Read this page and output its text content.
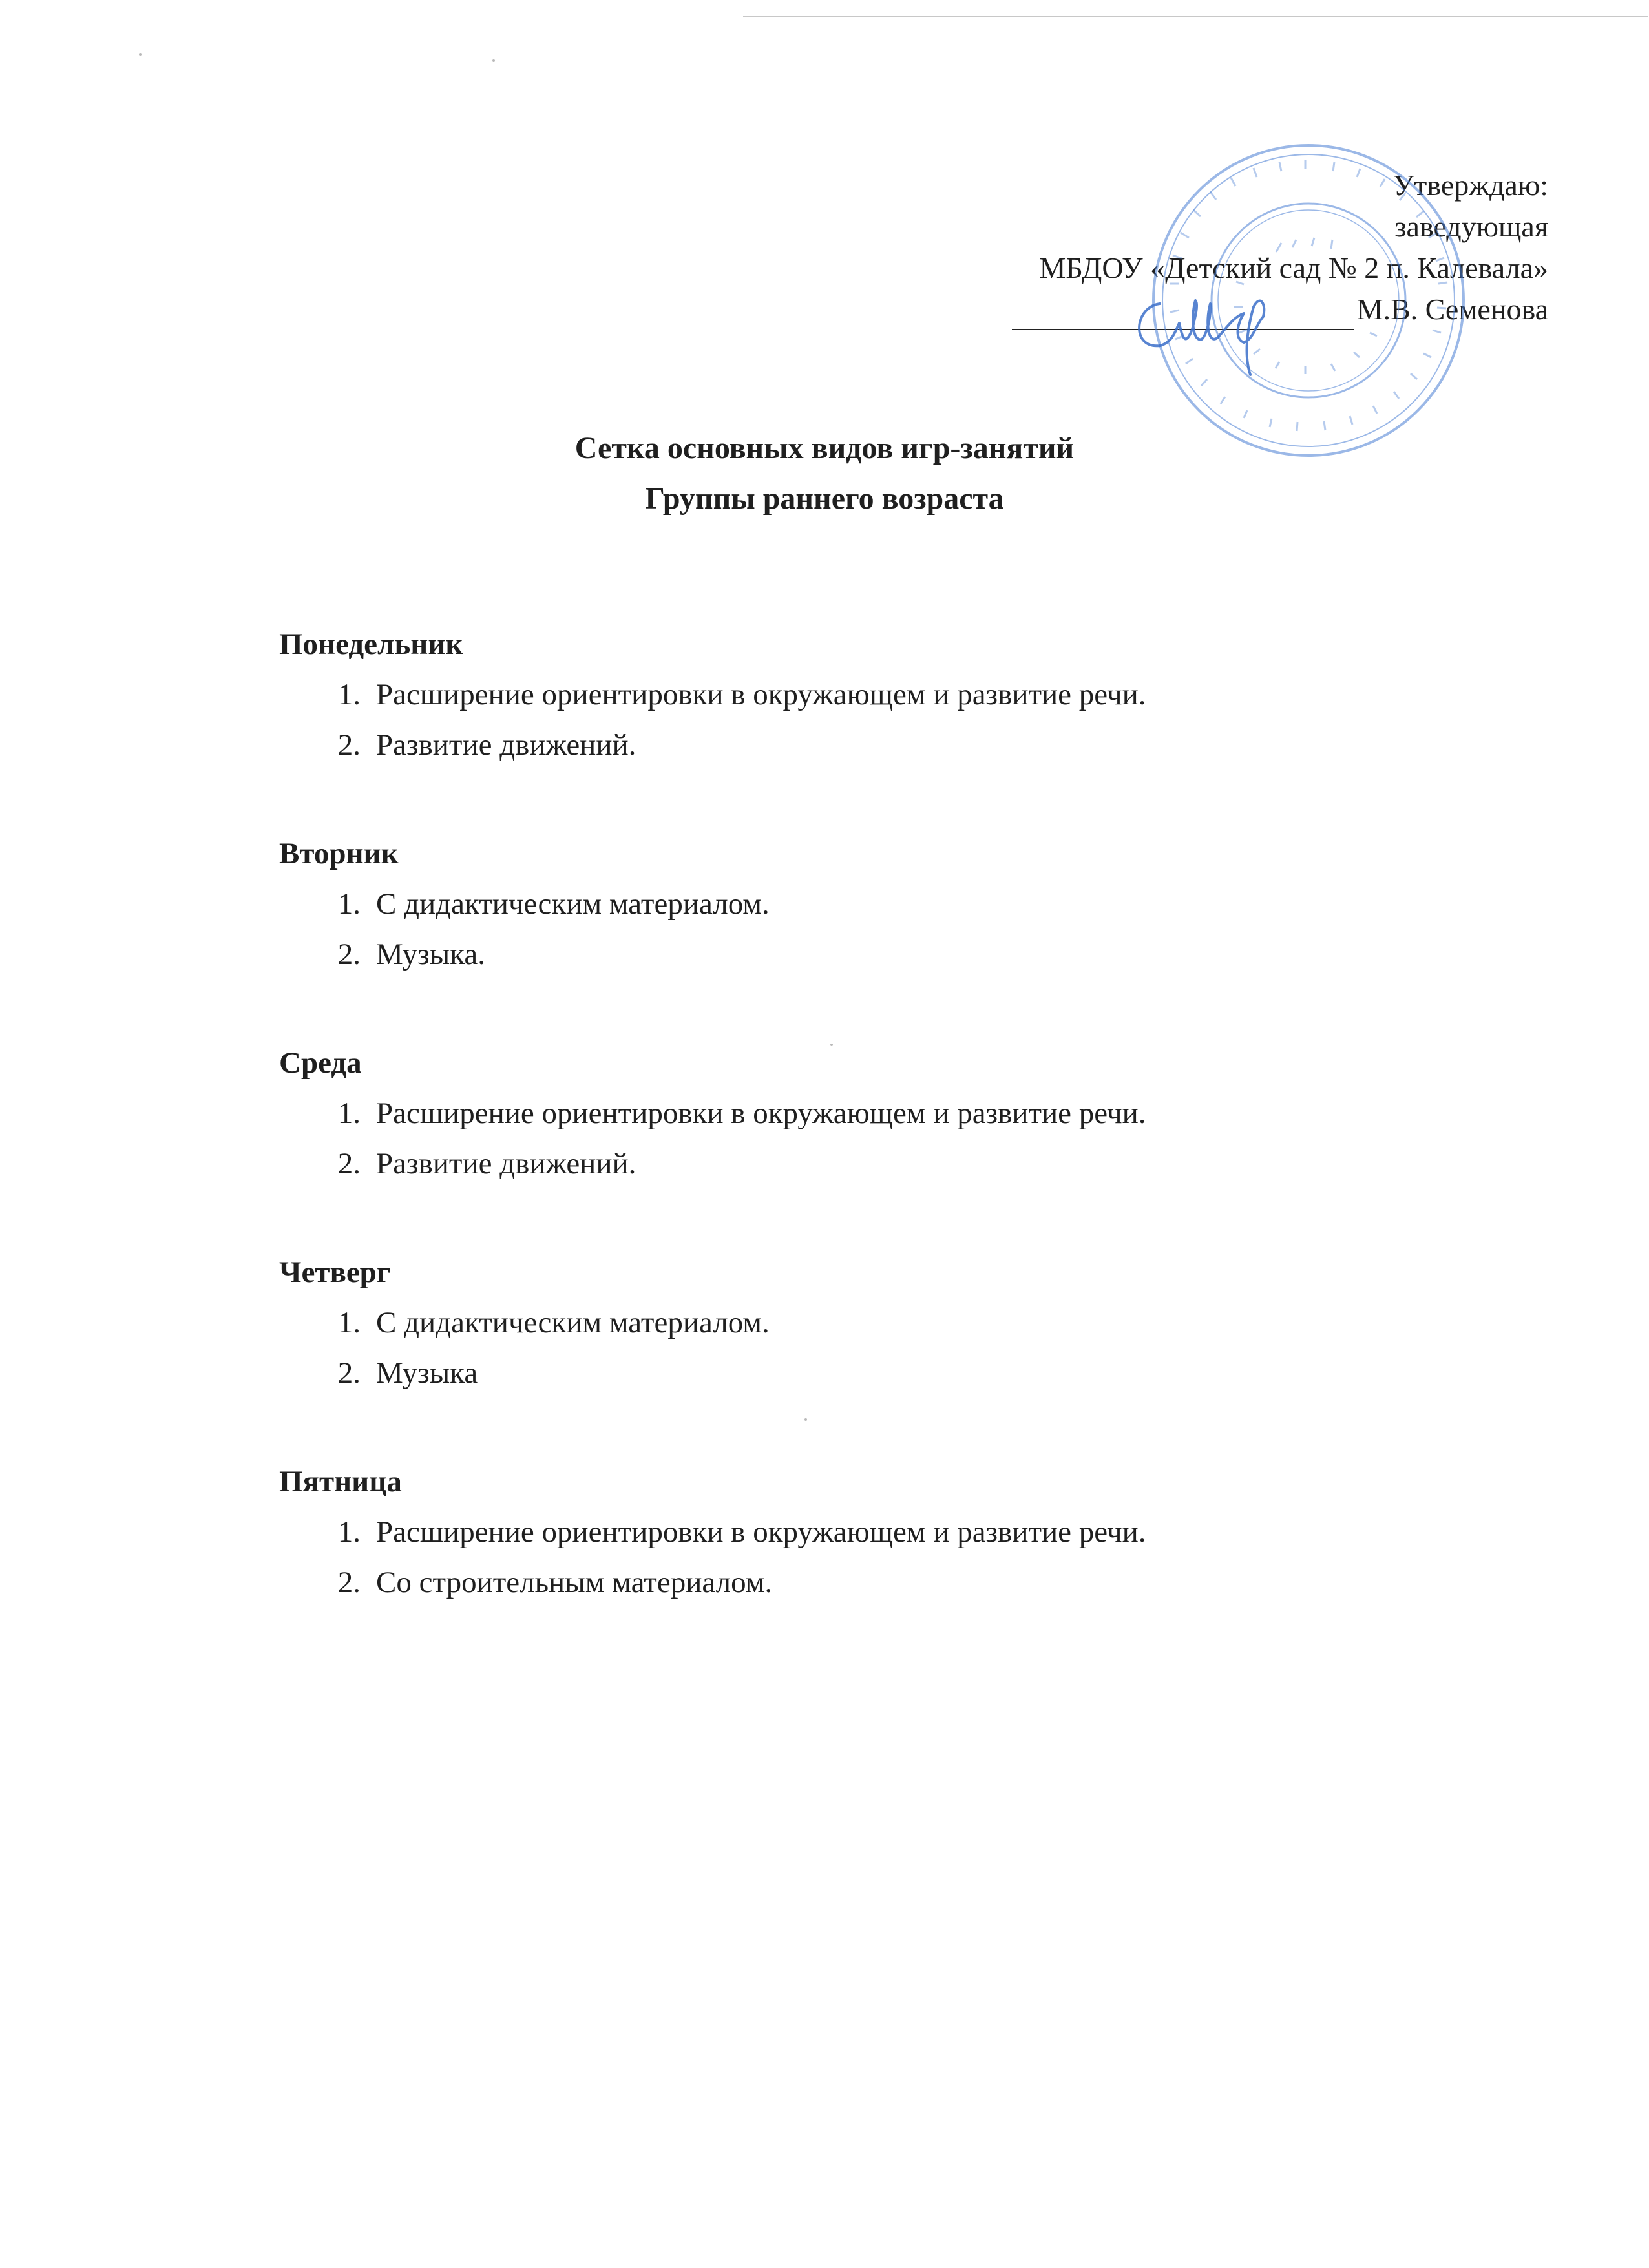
Утверждаю:
заведующая
МБДОУ «Детский сад № 2 п. Калевала»
М.В. Семенова
Сетка основных видов игр-занятий
Группы раннего возраста
Понедельник
1. Расширение ориентировки в окружающем и развитие речи.
2. Развитие движений.
Вторник
1. С дидактическим материалом.
2. Музыка.
Среда
1. Расширение ориентировки в окружающем и развитие речи.
2. Развитие движений.
Четверг
1. С дидактическим материалом.
2. Музыка
Пятница
1. Расширение ориентировки в окружающем и развитие речи.
2. Со строительным материалом.
